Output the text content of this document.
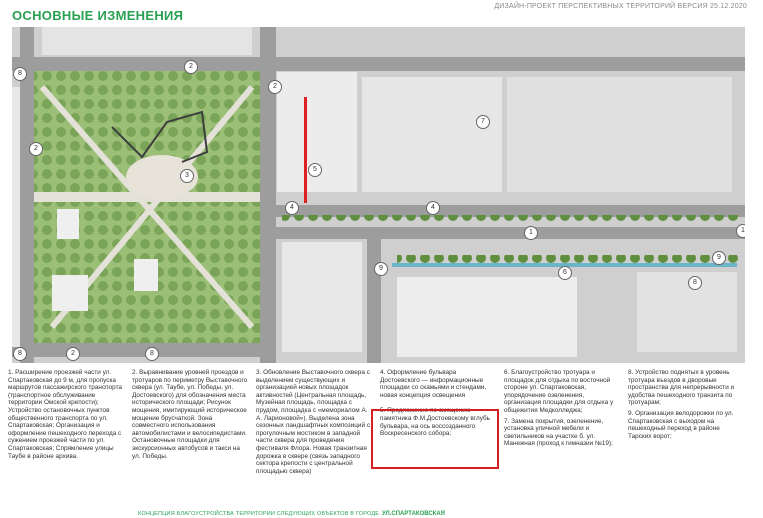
ОСНОВНЫЕ ИЗМЕНЕНИЯ
ДИЗАЙН-ПРОЕКТ ПЕРСПЕКТИВНЫХ ТЕРРИТОРИЙ ВЕРСИЯ 25.12.2020
2
2
2
3
5
4
4
7
1	1
9
6
9
8
8
8	2	8

1. Расширение проезжей части ул. Спартаковская до 9 м, для пропуска маршрутов пассажирского транспорта (транспортное обслуживание территории Омской крепости); Устройство остановочных пунктов общественного транспорта по ул. Спартаковская; Организация и оформление пешеходного перехода с сужением проезжей части по ул. Спартаковская; Спрямление улицы Таубе в районе архива.

2. Выравнивание уровней проездов и тротуаров по периметру Выставочного сквера (ул. Таубе, ул. Победы, ул. Достоевского) для обозначения места исторического площади; Рисунок мощения, имитирующий историческое мощение брусчаткой. Зона совместного использования автомобилистами и велосипедистами. Остановочные площадки для экскурсионных автобусов и такси на ул. Победы.

3. Обновление Выставочного сквера с выделением существующих и организацией новых площадок активностей (Центральная площадь, Музейная площадь, площадка с прудом, площадка с «мемориалом А. А. Ларионовой»). Выделена зона сезонных ландшафтных композиций с прогулочным мостиком в западной части сквера для проведения фестиваля Флора. Новая транзитная дорожка в сквере (связь западного сектора крепости с центральной площадью сквера)

4. Оформление бульвара Достоевского — информационные площадки со скамьями и стендами, новая концепция освещения

5. Предложение по смещению памятника Ф.М.Достоевскому вглубь бульвара, на ось воссозданного Воскресенского собора;

6. Благоустройство тротуара и площадок для отдыха по восточной стороне ул. Спартаковская, упорядочение озеленения, организация площадки для отдыха у общежития Медколледжа;

7. Замена покрытия, озеленение, установка уличной мебели и светильников на участке б. ул. Манежная (проход к гимназии №19);

8. Устройство поднятых в уровень тротуара въездов в дворовые пространства для непрерывности и удобства пешеходного транзита по тротуарам;

9. Организация велодорожки по ул. Спартаковская с выходом на пешеходный переход в районе Тарских ворот;

КОНЦЕПЦИЯ БЛАГОУСТРОЙСТВА ТЕРРИТОРИИ СЛЕДУЮЩИХ ОБЪЕКТОВ В ГОРОДЕ УЛ.СПАРТАКОВСКАЯ
